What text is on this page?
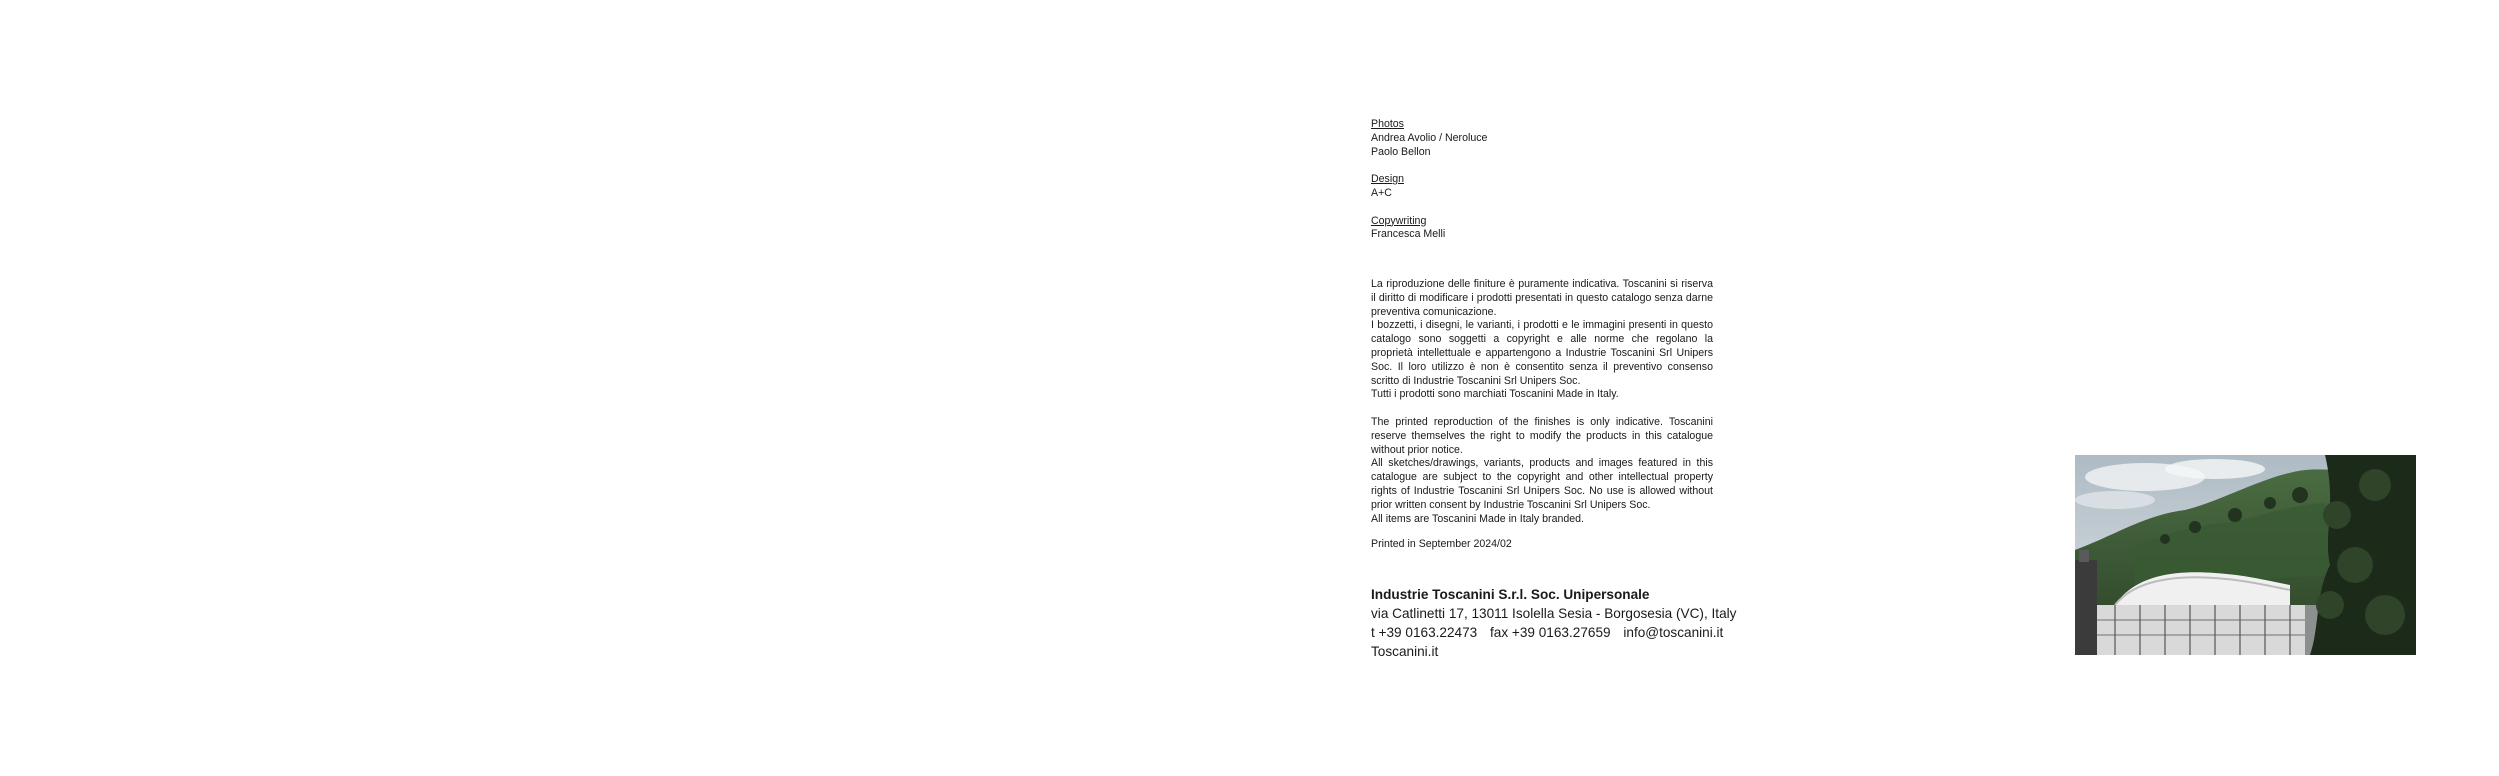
Photos
Andrea Avolio / Neroluce
Paolo Bellon
Design
A+C
Copywriting
Francesca Melli

La riproduzione delle finiture è puramente indicativa. Toscanini si riserva il diritto di modificare i prodotti presentati in questo catalogo senza darne preventiva comunicazione.

I bozzetti, i disegni, le varianti, i prodotti e le immagini presenti in questo catalogo sono soggetti a copyright e alle norme che regolano la proprietà intellettuale e appartengono a Industrie Toscanini Srl Unipers Soc. Il loro utilizzo è non è consentito senza il preventivo consenso scritto di Industrie Toscanini Srl Unipers Soc.

Tutti i prodotti sono marchiati Toscanini Made in Italy.

The printed reproduction of the finishes is only indicative. Toscanini reserve themselves the right to modify the products in this catalogue without prior notice.

All sketches/drawings, variants, products and images featured in this catalogue are subject to the copyright and other intellectual property rights of Industrie Toscanini Srl Unipers Soc. No use is allowed without prior written consent by Industrie Toscanini Srl Unipers Soc.

All items are Toscanini Made in Italy branded.

Printed in September 2024/02
Industrie Toscanini S.r.l. Soc. Unipersonale
via Catlinetti 17, 13011 Isolella Sesia - Borgosesia (VC), Italy
t +39 0163.22473 fax +39 0163.27659 info@toscanini.it
Toscanini.it
